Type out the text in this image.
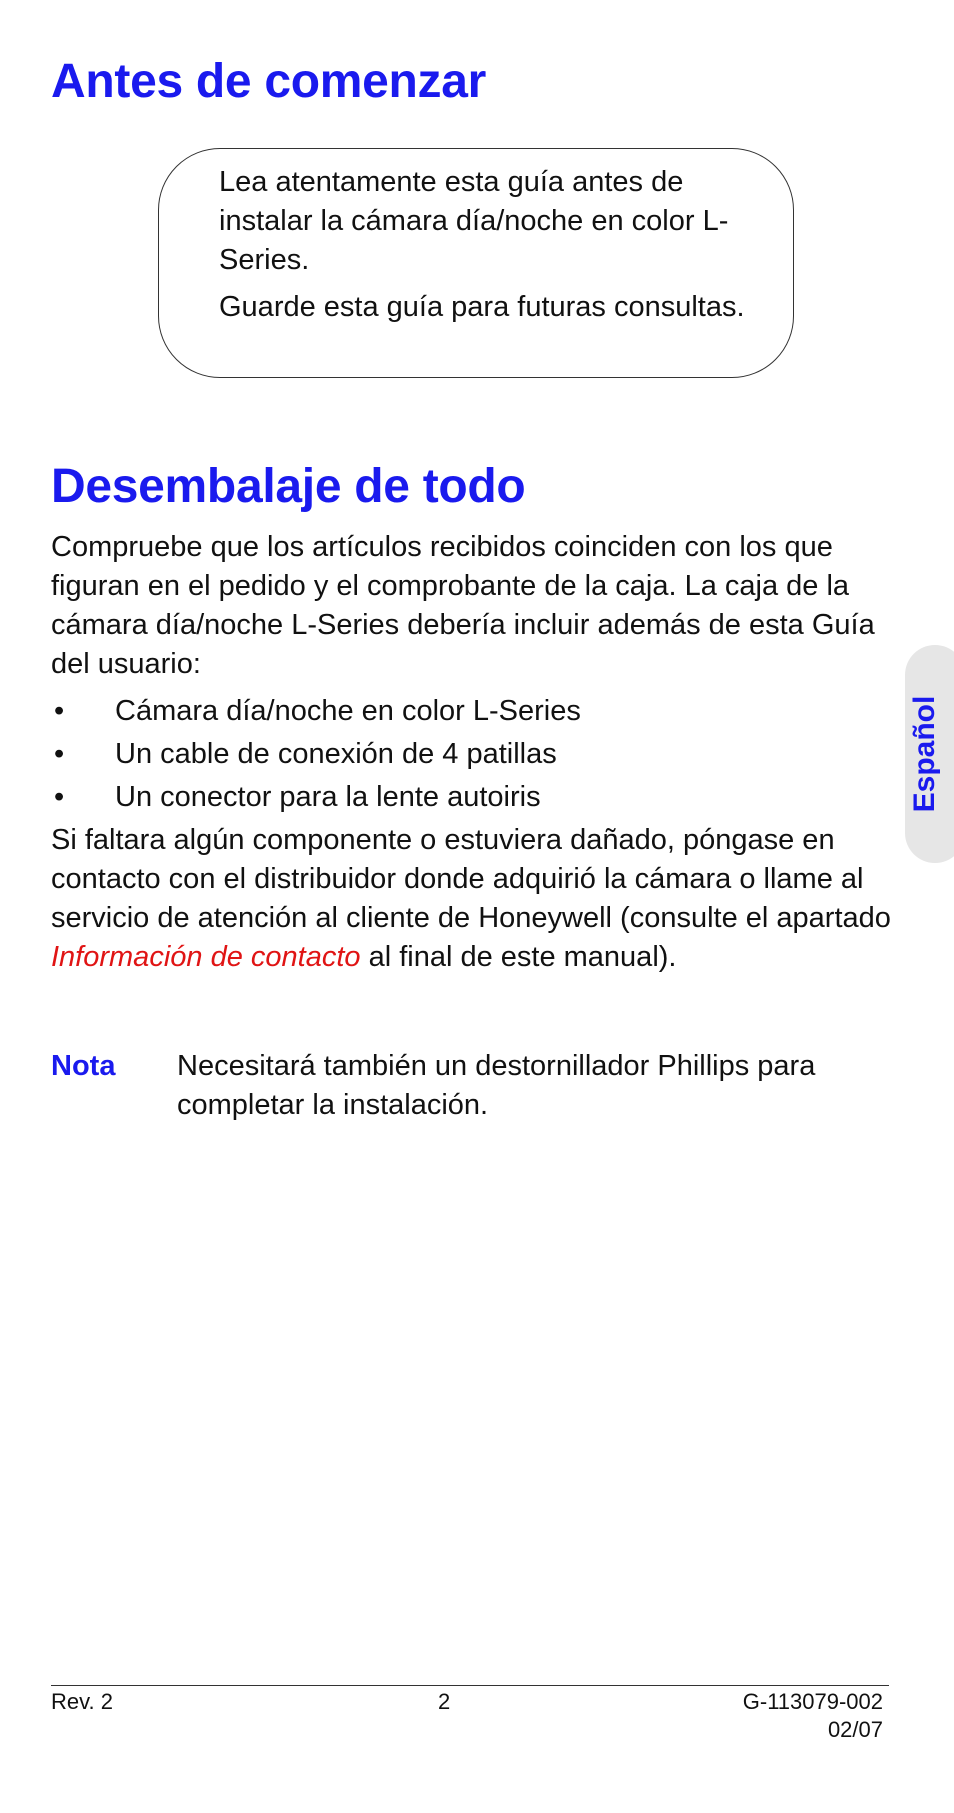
Antes de comenzar

Lea atentamente esta guía antes de instalar la cámara día/noche en color L-Series.

Guarde esta guía para futuras consultas.

Desembalaje de todo

Compruebe que los artículos recibidos coinciden con los que figuran en el pedido y el comprobante de la caja. La caja de la cámara día/noche L-Series debería incluir además de esta Guía del usuario:

• Cámara día/noche en color L-Series
• Un cable de conexión de 4 patillas
• Un conector para la lente autoiris

Si faltara algún componente o estuviera dañado, póngase en contacto con el distribuidor donde adquirió la cámara o llame al servicio de atención al cliente de Honeywell (consulte el apartado Información de contacto al final de este manual).

Nota Necesitará también un destornillador Phillips para completar la instalación.
Español
Rev. 2	2	G-113079-002
02/07
